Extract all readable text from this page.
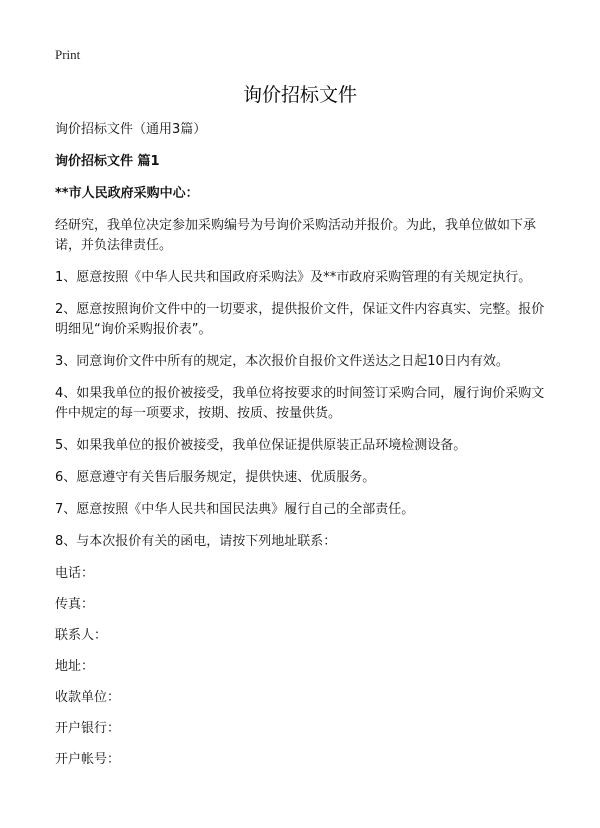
Print
询价招标文件

询价招标文件（通用3篇）

询价招标文件 篇1

**市人民政府采购中心：

经研究，我单位决定参加采购编号为号询价采购活动并报价。为此，我单位做如下承诺，并负法律责任。

1、愿意按照《中华人民共和国政府采购法》及**市政府采购管理的有关规定执行。

2、愿意按照询价文件中的一切要求，提供报价文件，保证文件内容真实、完整。报价明细见“询价采购报价表”。

3、同意询价文件中所有的规定，本次报价自报价文件送达之日起10日内有效。

4、如果我单位的报价被接受，我单位将按要求的时间签订采购合同，履行询价采购文件中规定的每一项要求，按期、按质、按量供货。

5、如果我单位的报价被接受，我单位保证提供原装正品环境检测设备。

6、愿意遵守有关售后服务规定，提供快速、优质服务。

7、愿意按照《中华人民共和国民法典》履行自己的全部责任。

8、与本次报价有关的函电，请按下列地址联系：

电话：

传真：

联系人：

地址：

收款单位：

开户银行：

开户帐号：
